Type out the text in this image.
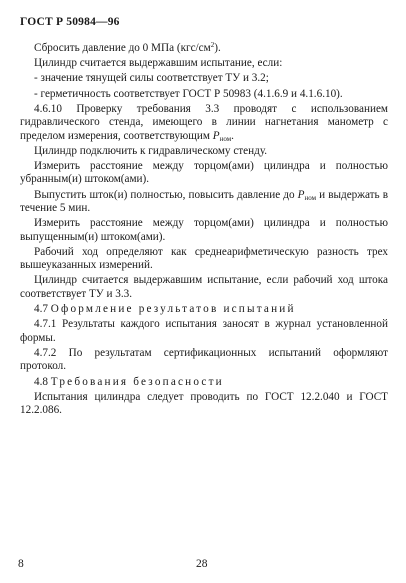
ГОСТ Р 50984—96

Сбросить давление до 0 МПа $(кгс/см^2)$.

Цилиндр считается выдержавшим испытание, если:

- значение тянущей силы соответствует ТУ и 3.2;

- герметичность соответствует ГОСТ Р 50983 (4.1.6.9 и 4.1.6.10).

4.6.10 Проверку требования 3.3 проводят с использованием гидравлического стенда, имеющего в линии нагнетания манометр с пределом измерения, соответствующим $P_{ном}$.

Цилиндр подключить к гидравлическому стенду.

Измерить расстояние между торцом(ами) цилиндра и полностью убранным(и) штоком(ами).

Выпустить шток(и) полностью, повысить давление до $P_{ном}$ и выдержать в течение 5 мин.

Измерить расстояние между торцом(ами) цилиндра и полностью выпущенным(и) штоком(ами).

Рабочий ход определяют как среднеарифметическую разность трех вышеуказанных измерений.

Цилиндр считается выдержавшим испытание, если рабочий ход штока соответствует ТУ и 3.3.

4.7 Оформление результатов испытаний

4.7.1 Результаты каждого испытания заносят в журнал установленной формы.

4.7.2 По результатам сертификационных испытаний оформляют протокол.

4.8 Требования безопасности

Испытания цилиндра следует проводить по ГОСТ 12.2.040 и ГОСТ 12.2.086.

8	28
